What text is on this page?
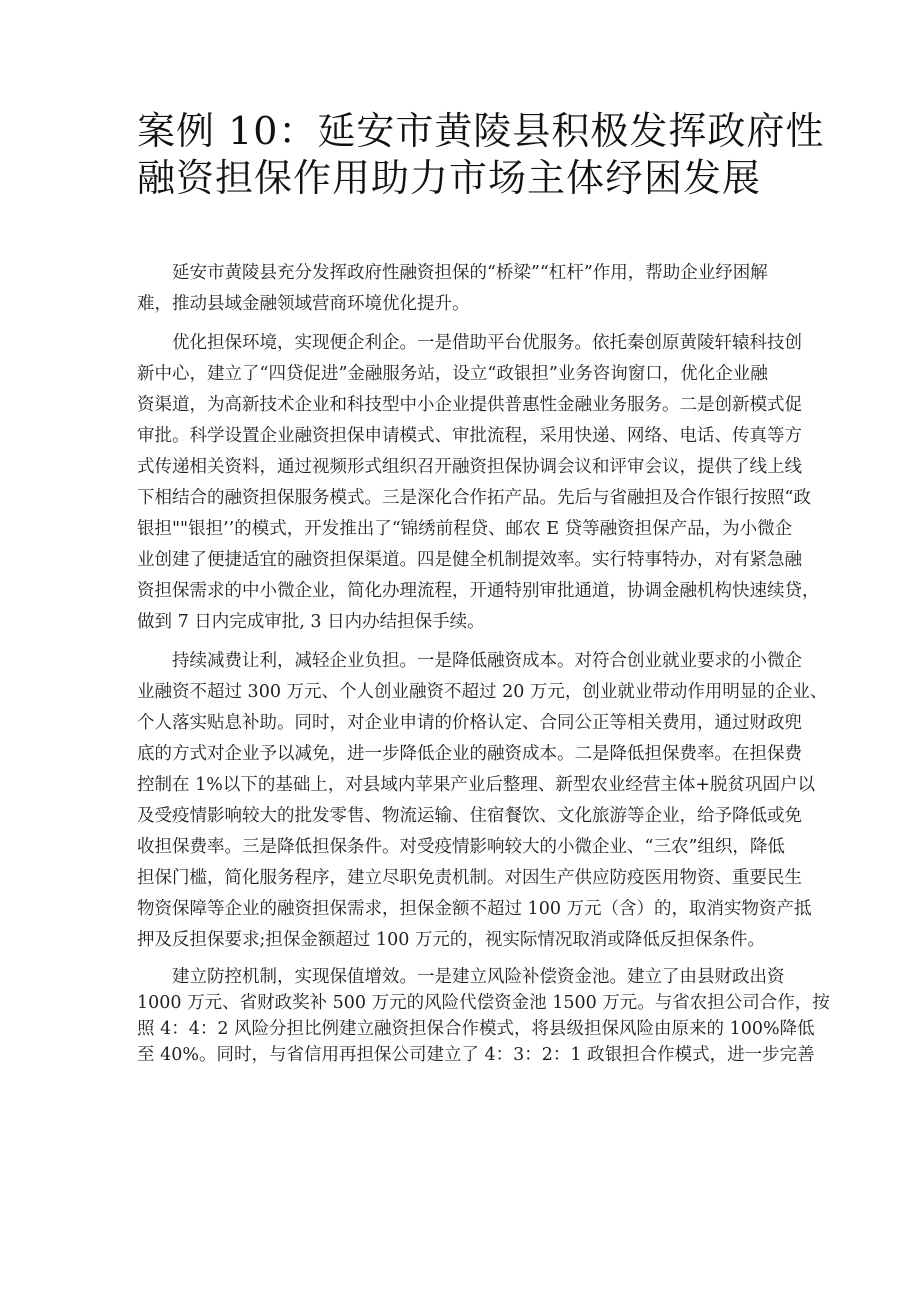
案例 10：延安市黄陵县积极发挥政府性
融资担保作用助力市场主体纾困发展
延安市黄陵县充分发挥政府性融资担保的“桥梁”“杠杆”作用，帮助企业纾困解
难，推动县域金融领域营商环境优化提升。
优化担保环境，实现便企利企。一是借助平台优服务。依托秦创原黄陵轩辕科技创
新中心，建立了“四贷促进”金融服务站，设立“政银担”业务咨询窗口，优化企业融
资渠道，为高新技术企业和科技型中小企业提供普惠性金融业务服务。二是创新模式促
审批。科学设置企业融资担保申请模式、审批流程，采用快递、网络、电话、传真等方
式传递相关资料，通过视频形式组织召开融资担保协调会议和评审会议，提供了线上线
下相结合的融资担保服务模式。三是深化合作拓产品。先后与省融担及合作银行按照“政
银担""银担’’的模式，开发推出了“锦绣前程贷、邮农 E 贷等融资担保产品，为小微企
业创建了便捷适宜的融资担保渠道。四是健全机制提效率。实行特事特办，对有紧急融
资担保需求的中小微企业，简化办理流程，开通特别审批通道，协调金融机构快速续贷，
做到 7 日内完成审批, 3 日内办结担保手续。
持续减费让利，减轻企业负担。一是降低融资成本。对符合创业就业要求的小微企
业融资不超过 300 万元、个人创业融资不超过 20 万元，创业就业带动作用明显的企业、
个人落实贴息补助。同时，对企业申请的价格认定、合同公正等相关费用，通过财政兜
底的方式对企业予以减免，进一步降低企业的融资成本。二是降低担保费率。在担保费
控制在 1%以下的基础上，对县域内苹果产业后整理、新型农业经营主体+脱贫巩固户以
及受疫情影响较大的批发零售、物流运输、住宿餐饮、文化旅游等企业，给予降低或免
收担保费率。三是降低担保条件。对受疫情影响较大的小微企业、“三农”组织，降低
担保门槛，简化服务程序，建立尽职免责机制。对因生产供应防疫医用物资、重要民生
物资保障等企业的融资担保需求，担保金额不超过 100 万元（含）的，取消实物资产抵
押及反担保要求;担保金额超过 100 万元的，视实际情况取消或降低反担保条件。
建立防控机制，实现保值增效。一是建立风险补偿资金池。建立了由县财政出资
1000 万元、省财政奖补 500 万元的风险代偿资金池 1500 万元。与省农担公司合作，按
照 4：4：2 风险分担比例建立融资担保合作模式，将县级担保风险由原来的 100%降低
至 40%。同时，与省信用再担保公司建立了 4：3：2：1 政银担合作模式，进一步完善
